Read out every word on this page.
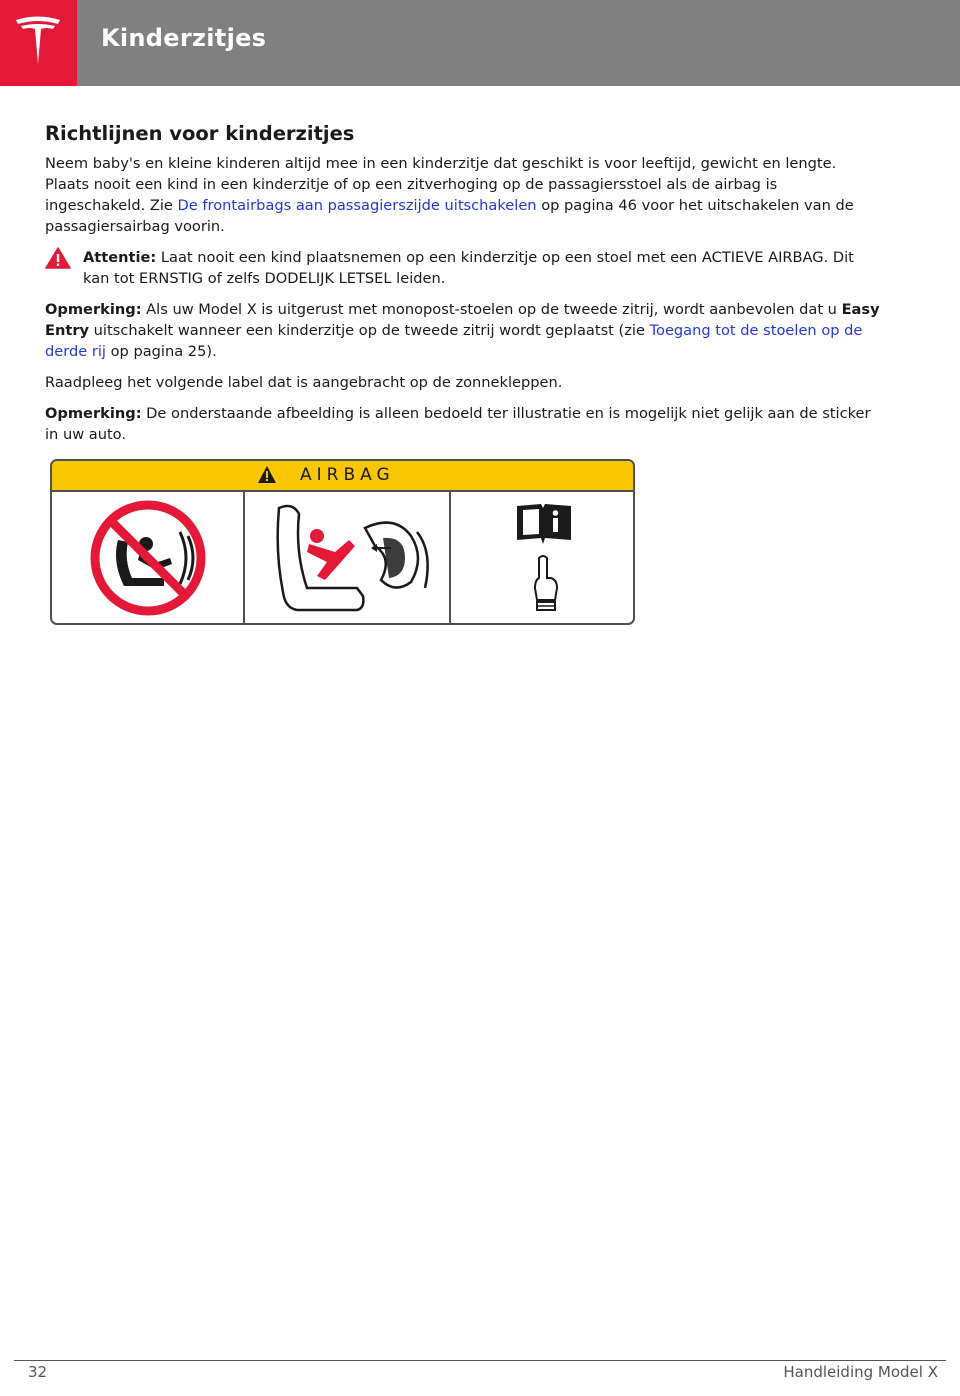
Kinderzitjes
Richtlijnen voor kinderzitjes

Neem baby's en kleine kinderen altijd mee in een kinderzitje dat geschikt is voor leeftijd, gewicht en lengte. Plaats nooit een kind in een kinderzitje of op een zitverhoging op de passagiersstoel als de airbag is ingeschakeld. Zie De frontairbags aan passagierszijde uitschakelen op pagina 46 voor het uitschakelen van de passagiersairbag voorin.

Attentie: Laat nooit een kind plaatsnemen op een kinderzitje op een stoel met een ACTIEVE AIRBAG. Dit kan tot ERNSTIG of zelfs DODELIJK LETSEL leiden.

Opmerking: Als uw Model X is uitgerust met monopost-stoelen op de tweede zitrij, wordt aanbevolen dat u Easy Entry uitschakelt wanneer een kinderzitje op de tweede zitrij wordt geplaatst (zie Toegang tot de stoelen op de derde rij op pagina 25).

Raadpleeg het volgende label dat is aangebracht op de zonnekleppen.

Opmerking: De onderstaande afbeelding is alleen bedoeld ter illustratie en is mogelijk niet gelijk aan de sticker in uw auto.

AIRBAG
32	Handleiding Model X
